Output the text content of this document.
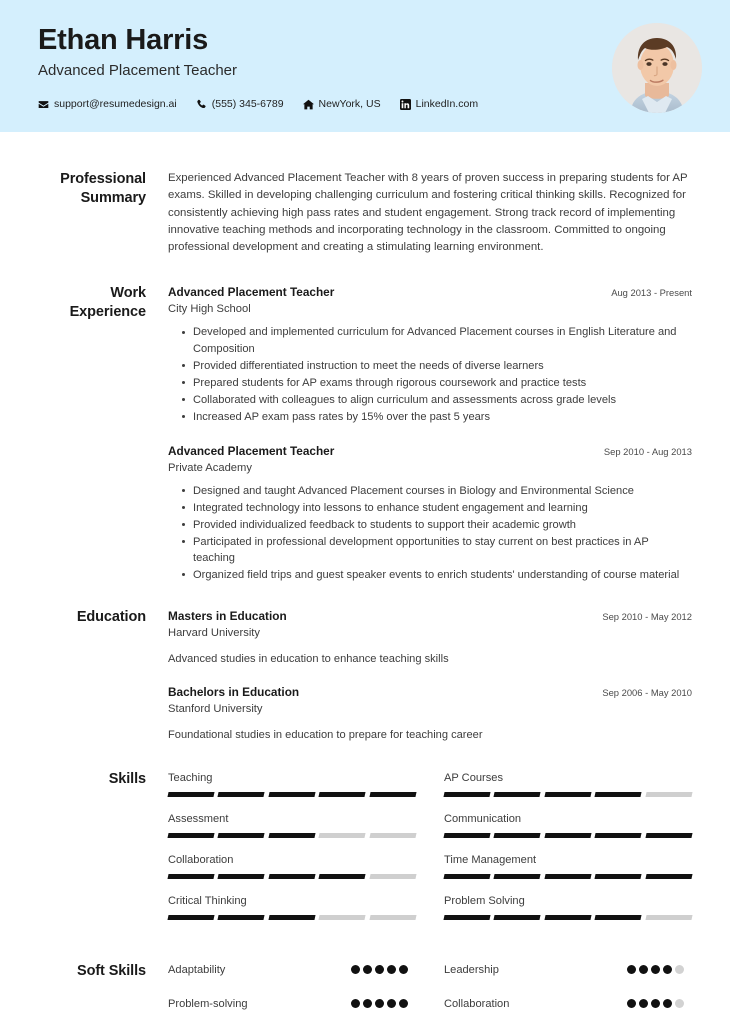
Ethan Harris
Advanced Placement Teacher
support@resumedesign.ai	(555) 345-6789	NewYork, US	LinkedIn.com
Professional Summary
Experienced Advanced Placement Teacher with 8 years of proven success in preparing students for AP exams. Skilled in developing challenging curriculum and fostering critical thinking skills. Recognized for consistently achieving high pass rates and student engagement. Strong track record of implementing innovative teaching methods and incorporating technology in the classroom. Committed to ongoing professional development and creating a stimulating learning environment.
Work Experience
Advanced Placement Teacher	Aug 2013 - Present
City High School
Developed and implemented curriculum for Advanced Placement courses in English Literature and Composition
Provided differentiated instruction to meet the needs of diverse learners
Prepared students for AP exams through rigorous coursework and practice tests
Collaborated with colleagues to align curriculum and assessments across grade levels
Increased AP exam pass rates by 15% over the past 5 years
Advanced Placement Teacher	Sep 2010 - Aug 2013
Private Academy
Designed and taught Advanced Placement courses in Biology and Environmental Science
Integrated technology into lessons to enhance student engagement and learning
Provided individualized feedback to students to support their academic growth
Participated in professional development opportunities to stay current on best practices in AP teaching
Organized field trips and guest speaker events to enrich students' understanding of course material
Education	Masters in Education	Sep 2010 - May 2012
Harvard University
Advanced studies in education to enhance teaching skills
Bachelors in Education	Sep 2006 - May 2010
Stanford University
Foundational studies in education to prepare for teaching career
Skills	Teaching	AP Courses
Assessment	Communication
Collaboration	Time Management
Critical Thinking	Problem Solving
Soft Skills	Adaptability	Leadership
Problem-solving	Collaboration
